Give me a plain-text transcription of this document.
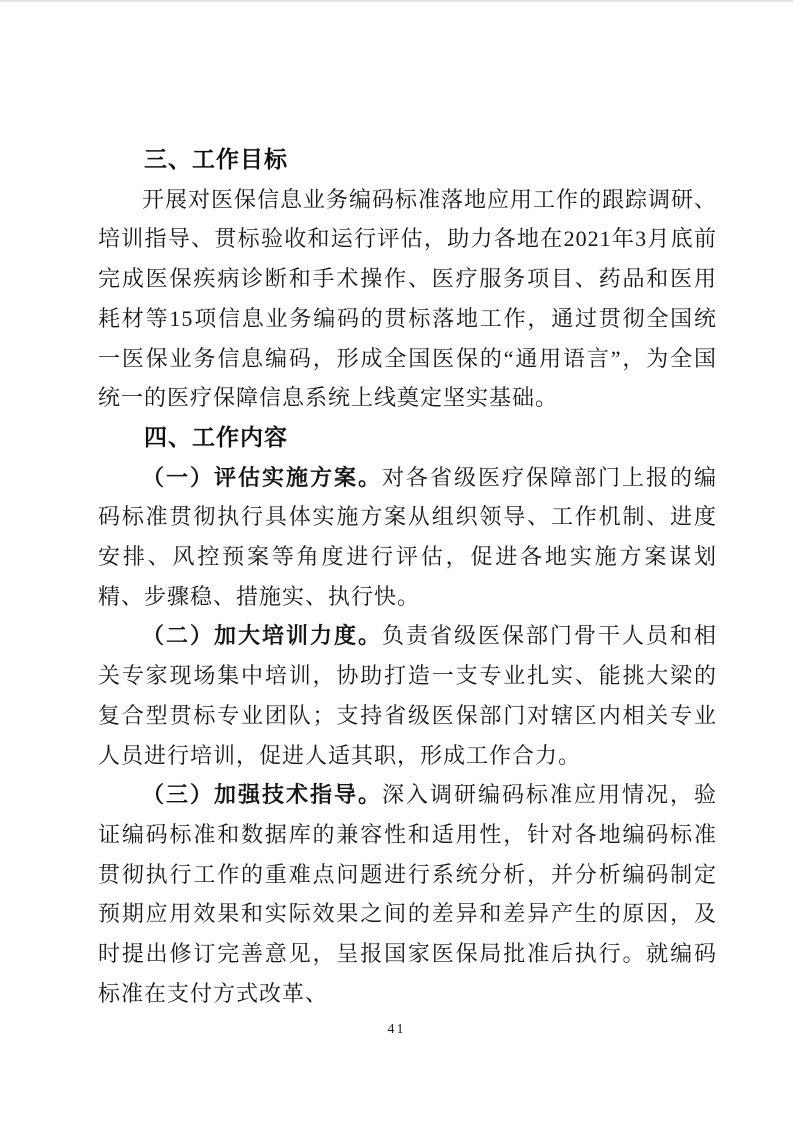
三、工作目标

开展对医保信息业务编码标准落地应用工作的跟踪调研、培训指导、贯标验收和运行评估，助力各地在2021年3月底前完成医保疾病诊断和手术操作、医疗服务项目、药品和医用耗材等15项信息业务编码的贯标落地工作，通过贯彻全国统一医保业务信息编码，形成全国医保的“通用语言”，为全国统一的医疗保障信息系统上线奠定坚实基础。

四、工作内容

（一）评估实施方案。对各省级医疗保障部门上报的编码标准贯彻执行具体实施方案从组织领导、工作机制、进度安排、风控预案等角度进行评估，促进各地实施方案谋划精、步骤稳、措施实、执行快。

（二）加大培训力度。负责省级医保部门骨干人员和相关专家现场集中培训，协助打造一支专业扎实、能挑大梁的复合型贯标专业团队；支持省级医保部门对辖区内相关专业人员进行培训，促进人适其职，形成工作合力。

（三）加强技术指导。深入调研编码标准应用情况，验证编码标准和数据库的兼容性和适用性，针对各地编码标准贯彻执行工作的重难点问题进行系统分析，并分析编码制定预期应用效果和实际效果之间的差异和差异产生的原因，及时提出修订完善意见，呈报国家医保局批准后执行。就编码标准在支付方式改革、

41
